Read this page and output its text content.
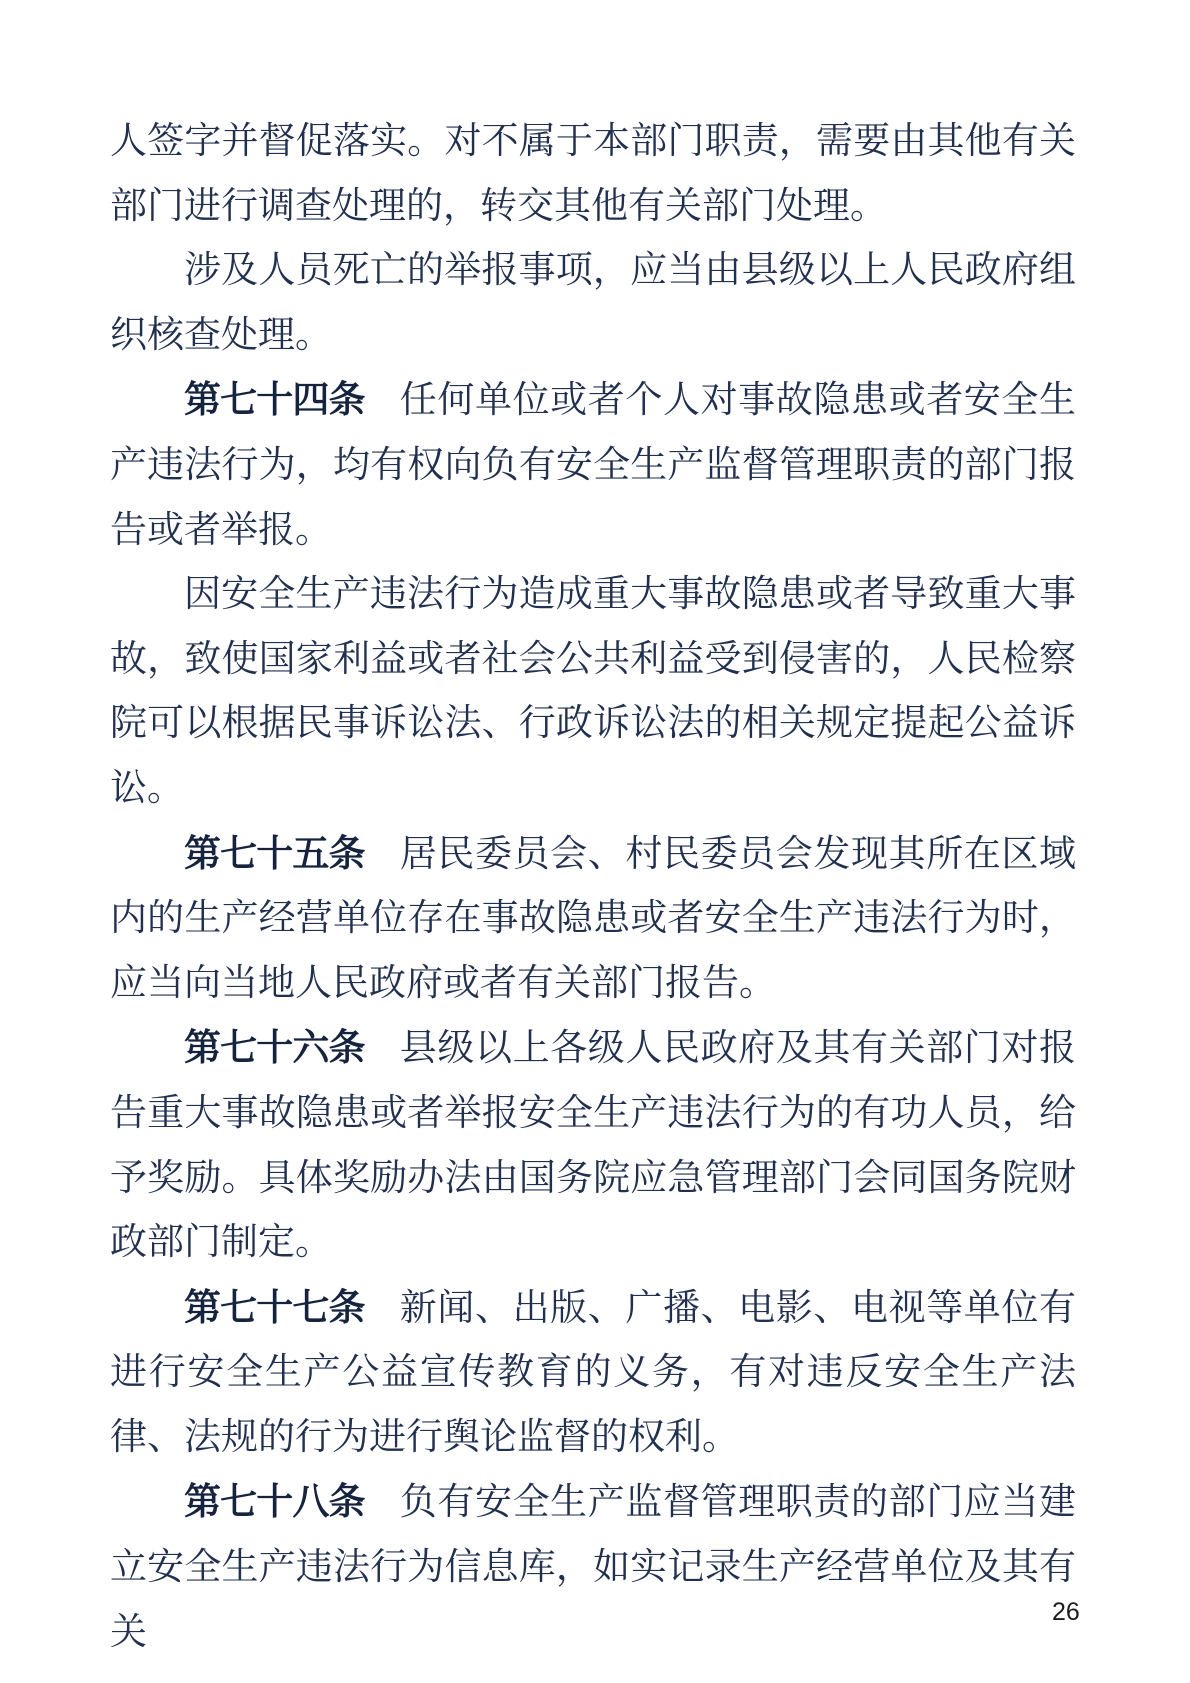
人签字并督促落实。对不属于本部门职责，需要由其他有关部门进行调查处理的，转交其他有关部门处理。

涉及人员死亡的举报事项，应当由县级以上人民政府组织核查处理。

第七十四条 任何单位或者个人对事故隐患或者安全生产违法行为，均有权向负有安全生产监督管理职责的部门报告或者举报。

因安全生产违法行为造成重大事故隐患或者导致重大事故，致使国家利益或者社会公共利益受到侵害的，人民检察院可以根据民事诉讼法、行政诉讼法的相关规定提起公益诉讼。

第七十五条 居民委员会、村民委员会发现其所在区域内的生产经营单位存在事故隐患或者安全生产违法行为时，应当向当地人民政府或者有关部门报告。

第七十六条 县级以上各级人民政府及其有关部门对报告重大事故隐患或者举报安全生产违法行为的有功人员，给予奖励。具体奖励办法由国务院应急管理部门会同国务院财政部门制定。

第七十七条 新闻、出版、广播、电影、电视等单位有进行安全生产公益宣传教育的义务，有对违反安全生产法律、法规的行为进行舆论监督的权利。

第七十八条 负有安全生产监督管理职责的部门应当建立安全生产违法行为信息库，如实记录生产经营单位及其有关	26
